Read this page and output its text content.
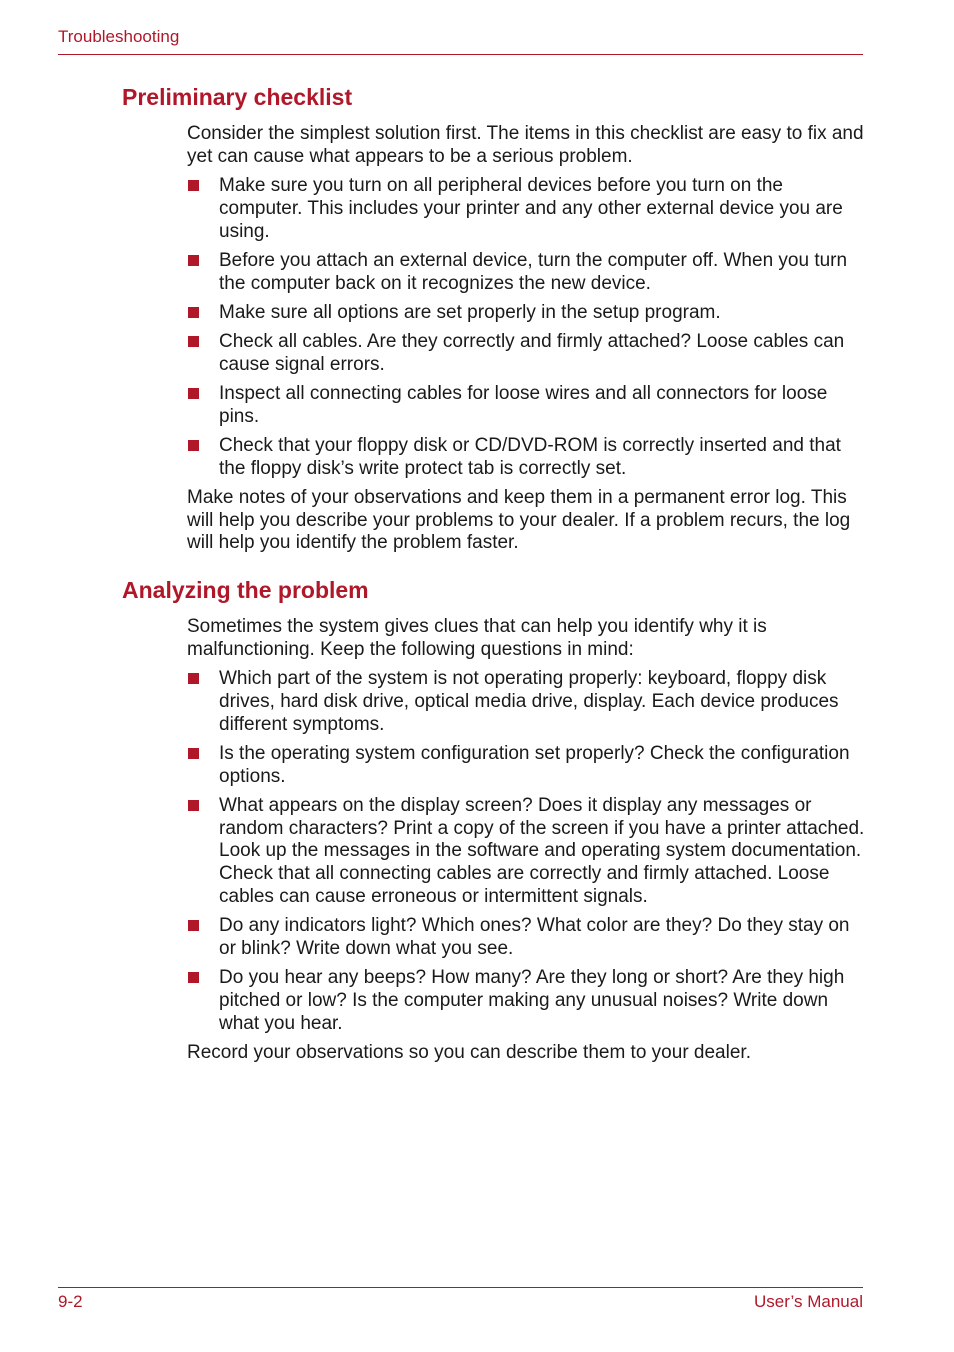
Troubleshooting
Preliminary checklist

Consider the simplest solution first. The items in this checklist are easy to fix and yet can cause what appears to be a serious problem.

Make sure you turn on all peripheral devices before you turn on the computer. This includes your printer and any other external device you are using.
Before you attach an external device, turn the computer off. When you turn the computer back on it recognizes the new device.
Make sure all options are set properly in the setup program.
Check all cables. Are they correctly and firmly attached? Loose cables can cause signal errors.
Inspect all connecting cables for loose wires and all connectors for loose pins.
Check that your floppy disk or CD/DVD-ROM is correctly inserted and that the floppy disk’s write protect tab is correctly set.

Make notes of your observations and keep them in a permanent error log. This will help you describe your problems to your dealer. If a problem recurs, the log will help you identify the problem faster.

Analyzing the problem

Sometimes the system gives clues that can help you identify why it is malfunctioning. Keep the following questions in mind:

Which part of the system is not operating properly: keyboard, floppy disk drives, hard disk drive, optical media drive, display. Each device produces different symptoms.
Is the operating system configuration set properly? Check the configuration options.
What appears on the display screen? Does it display any messages or random characters? Print a copy of the screen if you have a printer attached. Look up the messages in the software and operating system documentation. Check that all connecting cables are correctly and firmly attached. Loose cables can cause erroneous or intermittent signals.
Do any indicators light? Which ones? What color are they? Do they stay on or blink? Write down what you see.
Do you hear any beeps? How many? Are they long or short? Are they high pitched or low? Is the computer making any unusual noises? Write down what you hear.

Record your observations so you can describe them to your dealer.

9-2	User’s Manual
